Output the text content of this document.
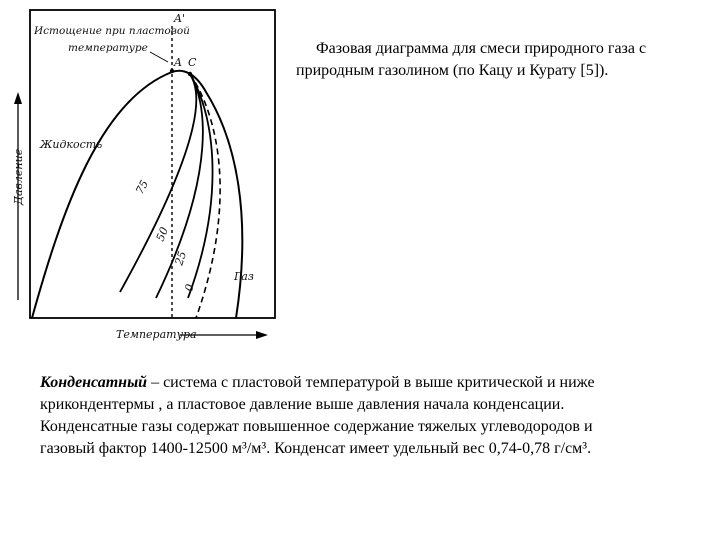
Давление
Температура
Истощение при пластовой
температуре
A'
A C
Жидкость
Газ
75
50
25
0
Фазовая диаграмма для смеси природного газа с
природным газолином (по Кацу и Курату [5]).
Конденсатный – система с пластовой температурой в выше критической и ниже
крикондентермы , а пластовое давление выше давления начала конденсации.
Конденсатные газы содержат повышенное содержание тяжелых углеводородов и
газовый фактор 1400-12500 м³/м³. Конденсат имеет удельный вес 0,74-0,78 г/см³.
